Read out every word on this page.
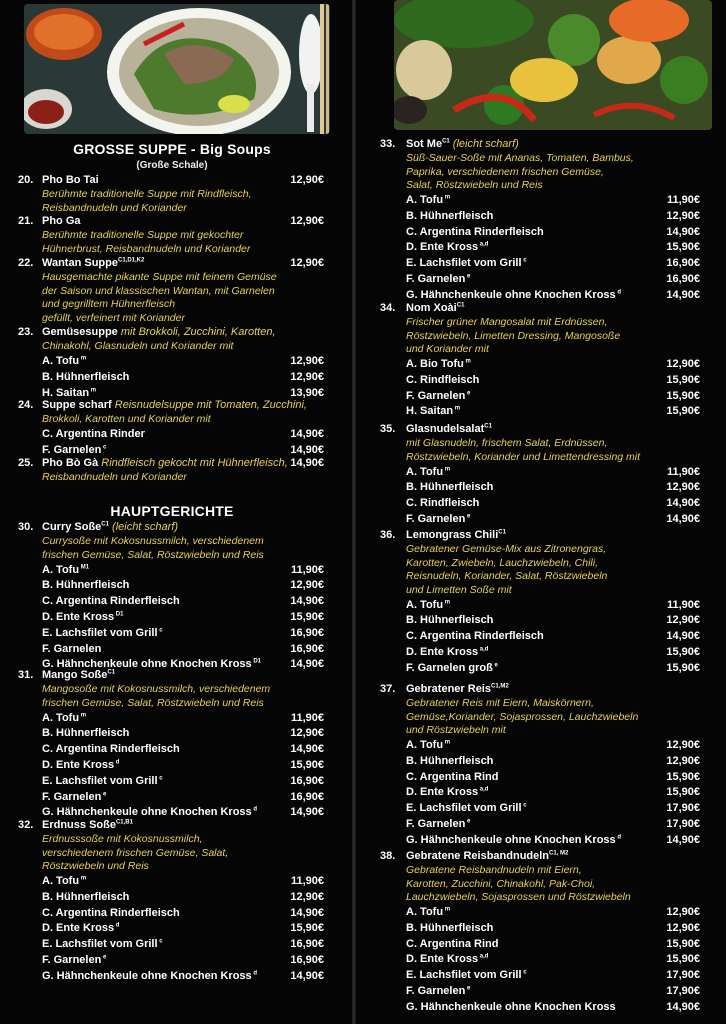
GROSSE SUPPE - Big Soups
(Große Schale)
HAUPTGERICHTE
20. Pho Bo Tai	12,90€
Berühmte traditionelle Suppe mit Rindfleisch,
Reisbandnudeln und Koriander
21. Pho Ga	12,90€
Berühmte traditionelle Suppe mit gekochter
Hühnerbrust, Reisbandnudeln und Koriander
22. Wantan Suppe$^{C1,D1,K2}$	12,90€
Hausgemachte pikante Suppe mit feinem Gemüse
der Saison und klassischen Wantan, mit Garnelen
und gegrilltem Hühnerfleisch
gefüllt, verfeinert mit Koriander
23. Gemüsesuppe mit Brokkoli, Zucchini, Karotten,
Chinakohl, Glasnudeln und Koriander mit
A. Tofu $^m$	12,90€
B. Hühnerfleisch	12,90€
H. Saitan $^m$	13,90€
24. Suppe scharf Reisnudelsuppe mit Tomaten, Zucchini,
Brokkoli, Karotten und Koriander mit
C. Argentina Rinder	14,90€
F. Garnelen $^c$	14,90€
25. Pho Bò Gà Rindfleisch gekocht mit Hühnerfleisch, 14,90€
Reisbandnudeln und Koriander
30. Curry Soße$^{C1}$ (leicht scharf)
Currysoße mit Kokosnussmilch, verschiedenem
frischen Gemüse, Salat, Röstzwiebeln und Reis
A. Tofu $^{M1}$	11,90€
B. Hühnerfleisch	12,90€
C. Argentina Rinderfleisch	14,90€
D. Ente Kross $^{D1}$	15,90€
E. Lachsfilet vom Grill $^c$	16,90€
F. Garnelen	16,90€
G. Hähnchenkeule ohne Knochen Kross $^{D1}$	14,90€
31. Mango Soße$^{C1}$
Mangosoße mit Kokosnussmilch, verschiedenem
frischen Gemüse, Salat, Röstzwiebeln und Reis
A. Tofu $^m$	11,90€
B. Hühnerfleisch	12,90€
C. Argentina Rinderfleisch	14,90€
D. Ente Kross $^d$	15,90€
E. Lachsfilet vom Grill $^c$	16,90€
F. Garnelen $^e$	16,90€
G. Hähnchenkeule ohne Knochen Kross $^d$	14,90€
32. Erdnuss Soße$^{C1,B1}$
Erdnusssoße mit Kokosnussmilch,
verschiedenem frischen Gemüse, Salat,
Röstzwiebeln und Reis
A. Tofu $^m$	11,90€
B. Hühnerfleisch	12,90€
C. Argentina Rinderfleisch	14,90€
D. Ente Kross $^d$	15,90€
E. Lachsfilet vom Grill $^c$	16,90€
F. Garnelen $^e$	16,90€
G. Hähnchenkeule ohne Knochen Kross $^d$	14,90€
33. Sot $Me^{C1}$ (leicht scharf)
Süß-Sauer-Soße mit Ananas, Tomaten, Bambus,
Paprika, verschiedenem frischen Gemüse,
Salat, Röstzwiebeln und Reis
A. Tofu $^m$	11,90€
B. Hühnerfleisch	12,90€
C. Argentina Rinderfleisch	14,90€
D. Ente Kross $^{a,d}$	15,90€
E. Lachsfilet vom Grill $^c$	16,90€
F. Garnelen $^e$	16,90€
G. Hähnchenkeule ohne Knochen Kross $^d$	14,90€
34. Nom Xoài$^{C1}$
Frischer grüner Mangosalat mit Erdnüssen,
Röstzwiebeln, Limetten Dressing, Mangosoße
und Koriander mit
A. Bio Tofu $^m$	12,90€
C. Rindfleisch	15,90€
F. Garnelen $^e$	15,90€
H. Saitan $^m$	15,90€
35. Glasnudelsalat$^{C1}$
mit Glasnudeln, frischem Salat, Erdnüssen,
Röstzwiebeln, Koriander und Limettendressing mit
A. Tofu $^m$	11,90€
B. Hühnerfleisch	12,90€
C. Rindfleisch	14,90€
F. Garnelen $^e$	14,90€
36. Lemongrass Chili$^{C1}$
Gebratener Gemüse-Mix aus Zitronengras,
Karotten, Zwiebeln, Lauchzwiebeln, Chili,
Reisnudeln, Koriander, Salat, Röstzwiebeln
und Limetten Soße mit
A. Tofu $^m$	11,90€
B. Hühnerfleisch	12,90€
C. Argentina Rinderfleisch	14,90€
D. Ente Kross $^{a,d}$	15,90€
F. Garnelen groß $^e$	15,90€
37. Gebratener Reis$^{C1,M2}$
Gebratener Reis mit Eiern, Maiskörnern,
Gemüse,Koriander, Sojasprossen, Lauchzwiebeln
und Röstzwiebeln mit
A. Tofu $^m$	12,90€
B. Hühnerfleisch	12,90€
C. Argentina Rind	15,90€
D. Ente Kross $^{a,d}$	15,90€
E. Lachsfilet vom Grill $^c$	17,90€
F. Garnelen $^e$	17,90€
G. Hähnchenkeule ohne Knochen Kross $^d$	14,90€
38. Gebratene Reisbandnudeln$^{C1, M2}$
Gebratene Reisbandnudeln mit Eiern,
Karotten, Zucchini, Chinakohl, Pak-Choi,
Lauchzwiebeln, Sojasprossen und Röstzwiebeln
A. Tofu $^m$	12,90€
B. Hühnerfleisch	12,90€
C. Argentina Rind	15,90€
D. Ente Kross $^{a,d}$	15,90€
E. Lachsfilet vom Grill $^c$	17,90€
F. Garnelen $^e$	17,90€
G. Hähnchenkeule ohne Knochen Kross	14,90€
